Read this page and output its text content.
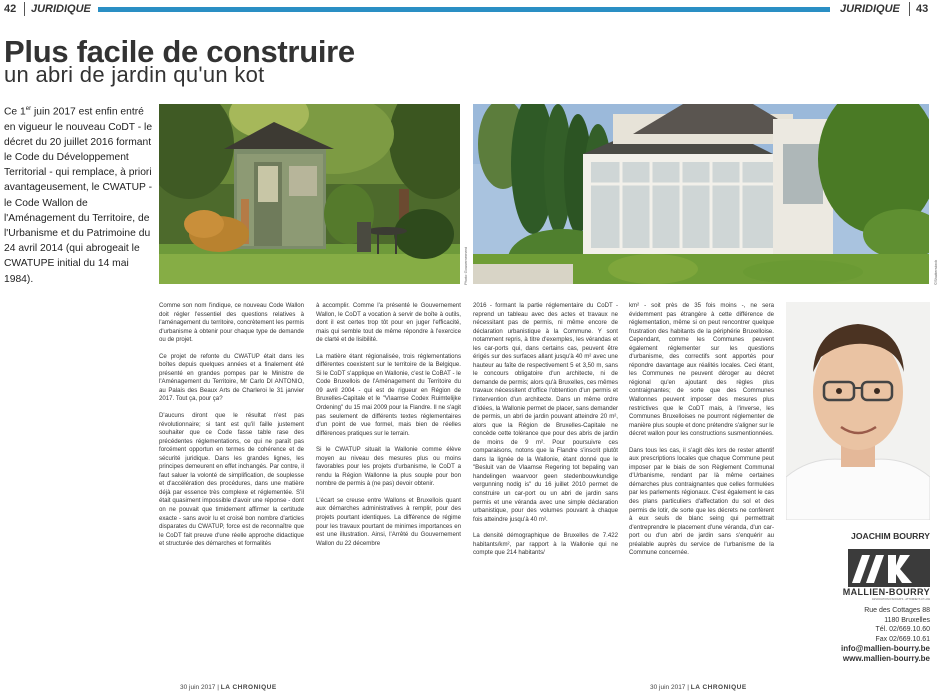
42 JURIDIQUE	JURIDIQUE 43
Plus facile de construire
un abri de jardin qu'un kot
Ce 1er juin 2017 est enfin entré en vigueur le nouveau CoDT - le décret du 20 juillet 2016 formant le Code du Développement Territorial - qui remplace, à priori avantageusement, le CWATUP - le Code Wallon de l'Aménagement du Territoire, de l'Urbanisme et du Patrimoine du 24 avril 2014 (qui abrogeait le CWATUPE initial du 14 mai 1984).	Photo Gouvernement	©Shutterstock

Comme son nom l'indique, ce nouveau Code Wallon doit régler l'essentiel des questions relatives à l'aménagement du territoire, concrètement les permis d'urbanisme à obtenir pour chaque type de demande ou de projet.

Ce projet de refonte du CWATUP était dans les boîtes depuis quelques années et a finalement été présenté en grandes pompes par le Ministre de l'Aménagement du Territoire, Mr Carlo DI ANTONIO, au Palais des Beaux Arts de Charleroi le 31 janvier 2017. Tout ça, pour ça?

D'aucuns diront que le résultat n'est pas révolutionnaire; si tant est qu'il faille justement souhaiter que ce Code fasse table rase des précédentes réglementations, ce qui ne paraît pas forcément opportun en termes de cohérence et de sécurité juridique. Dans les grandes lignes, les principes demeurent en effet inchangés. Par contre, il faut saluer la volonté de simplification, de souplesse et d'accélération des procédures, dans une matière déjà par essence très complexe et réglementée. S'il était quasiment impossible d'avoir une réponse - dont on ne pouvait que timidement affirmer la certitude exacte - sans avoir lu et croisé bon nombre d'articles disparates du CWATUP, force est de reconnaître que le CoDT fait preuve d'une réelle approche didactique et structurée des démarches et formalités

à accomplir. Comme l'a présenté le Gouvernement Wallon, le CoDT a vocation à servir de boîte à outils, dont il est certes trop tôt pour en juger l'efficacité, mais qui semble tout de même répondre à l'exercice de clarté et de lisibilité.

La matière étant régionalisée, trois réglementations différentes coexistent sur le territoire de la Belgique. Si le CoDT s'applique en Wallonie, c'est le CoBAT - le Code Bruxellois de l'Aménagement du Territoire du 09 avril 2004 - qui est de rigueur en Région de Bruxelles-Capitale et le "Vlaamse Codex Ruimtelijke Ordening" du 15 mai 2009 pour la Flandre. Il ne s'agit pas seulement de différents textes réglementaires d'un point de vue formel, mais bien de réelles différences pratiques sur le terrain.

Si le CWATUP situait la Wallonie comme élève moyen au niveau des mesures plus ou moins favorables pour les projets d'urbanisme, le CoDT a rendu la Région Wallonne la plus souple pour bon nombre de permis à (ne pas) devoir obtenir.

L'écart se creuse entre Wallons et Bruxellois quant aux démarches administratives à remplir, pour des projets pourtant identiques. La différence de régime pour les travaux pourtant de minimes importances en est une illustration. Ainsi, l'Arrêté du Gouvernement Wallon du 22 décembre

2016 - formant la partie réglementaire du CoDT - reprend un tableau avec des actes et travaux ne nécessitant pas de permis, ni même encore de déclaration urbanistique à la Commune. Y sont notamment repris, à titre d'exemples, les vérandas et les car-ports qui, dans certains cas, peuvent être érigés sur des surfaces allant jusqu'à 40 m² avec une hauteur au faîte de respectivement 5 et 3,50 m, sans le concours obligatoire d'un architecte, ni de demande de permis; alors qu'à Bruxelles, ces mêmes travaux nécessitent d'office l'obtention d'un permis et l'intervention d'un architecte. Dans un même ordre d'idées, la Wallonie permet de placer, sans demander de permis, un abri de jardin pouvant atteindre 20 m², alors que la Région de Bruxelles-Capitale ne concède cette tolérance que pour des abris de jardin de moins de 9 m². Pour poursuivre ces comparaisons, notons que la Flandre s'inscrit plutôt dans la lignée de la Wallonie, étant donné que le "Besluit van de Vlaamse Regering tot bepaling van handelingen waarvoor geen stedenbouwkundige vergunning nodig is" du 16 juillet 2010 permet de construire un car-port ou un abri de jardin sans permis et une véranda avec une simple déclaration urbanistique, pour des volumes pouvant à chaque fois atteindre jusqu'à 40 m².

La densité démographique de Bruxelles de 7.422 habitants/km², par rapport à la Wallonie qui ne compte que 214 habitants/

km² - soit près de 35 fois moins -, ne sera évidemment pas étrangère à cette différence de réglementation, même si on peut rencontrer quelque frustration des habitants de la périphérie Bruxelloise. Cependant, comme les Communes peuvent également réglementer sur les questions d'urbanisme, des correctifs sont apportés pour répondre davantage aux réalités locales. Ceci étant, les Communes ne peuvent déroger au décret régional qu'en ajoutant des règles plus contraignantes; de sorte que des Communes Wallonnes peuvent imposer des mesures plus restrictives que le CoDT mais, à l'inverse, les Communes Bruxelloises ne pourront réglementer de manière plus souple et donc prétendre s'aligner sur le décret wallon pour les constructions susmentionnées.

Dans tous les cas, il s'agit dès lors de rester attentif aux prescriptions locales que chaque Commune peut imposer par le biais de son Règlement Communal d'Urbanisme, rendant par là même certaines démarches plus contraignantes que celles formulées par les parlements régionaux. C'est également le cas des plans particuliers d'affectation du sol et des permis de lotir, de sorte que les décrets ne confèrent à eux seuls de blanc seing qui permettrait d'entreprendre le placement d'une véranda, d'un car-port ou d'un abri de jardin sans s'enquérir au préalable auprès du service de l'urbanisme de la Commune concernée.

JOACHIM BOURRY
MALLIEN-BOURRY
ASSOCIATION D'AVOCATS · ATTORNEYS AT LAW
Rue des Cottages 88
1180 Bruxelles
Tél. 02/669.10.60
Fax 02/669.10.61
info@mallien-bourry.be
www.mallien-bourry.be
30 juin 2017 | LA CHRONIQUE	30 juin 2017 | LA CHRONIQUE
